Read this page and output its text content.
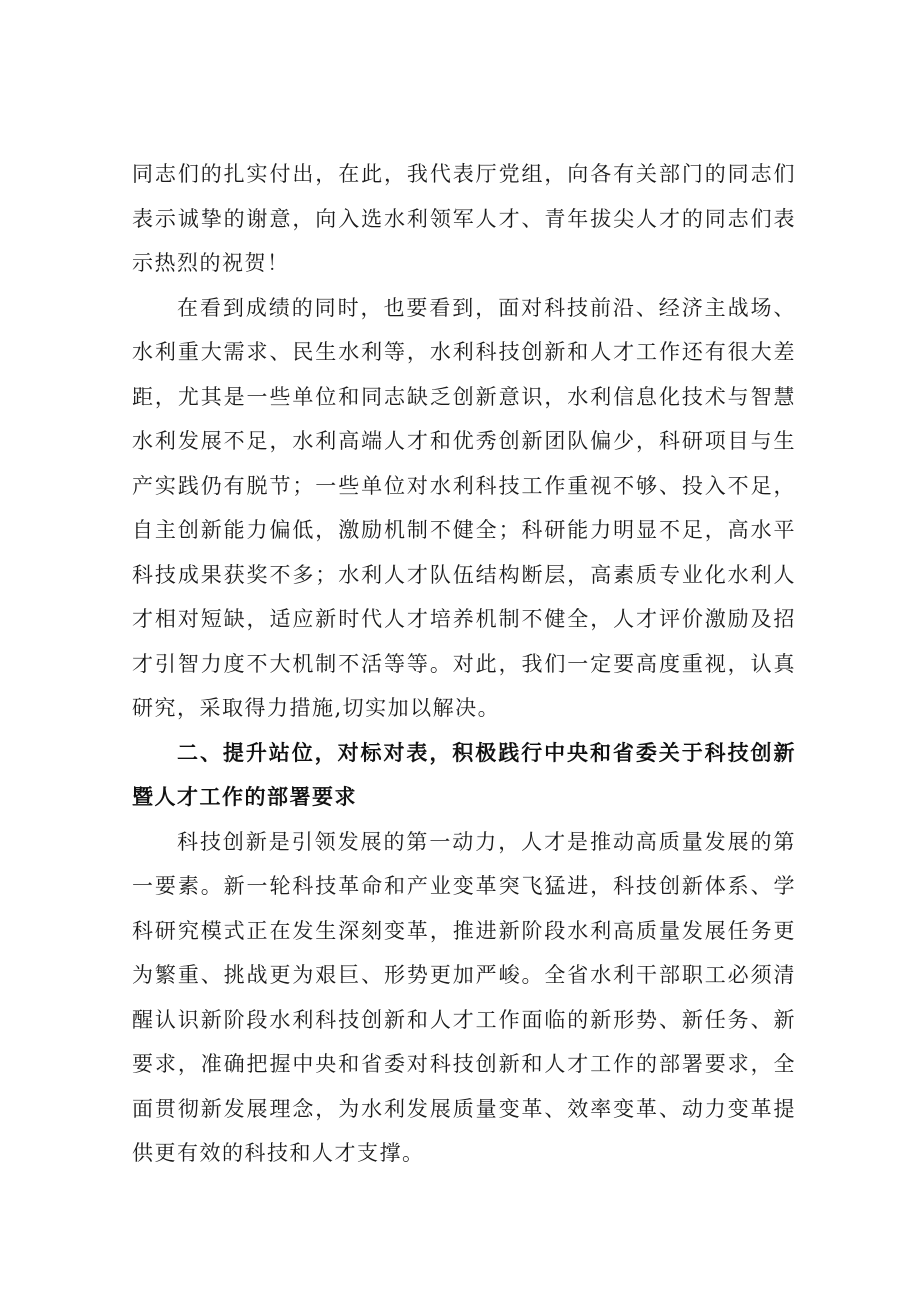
同志们的扎实付出，在此，我代表厅党组，向各有关部门的同志们表示诚挚的谢意，向入选水利领军人才、青年拔尖人才的同志们表示热烈的祝贺！

在看到成绩的同时，也要看到，面对科技前沿、经济主战场、水利重大需求、民生水利等，水利科技创新和人才工作还有很大差距，尤其是一些单位和同志缺乏创新意识，水利信息化技术与智慧水利发展不足，水利高端人才和优秀创新团队偏少，科研项目与生产实践仍有脱节；一些单位对水利科技工作重视不够、投入不足，自主创新能力偏低，激励机制不健全；科研能力明显不足，高水平科技成果获奖不多；水利人才队伍结构断层，高素质专业化水利人才相对短缺，适应新时代人才培养机制不健全，人才评价激励及招才引智力度不大机制不活等等。对此，我们一定要高度重视，认真研究，采取得力措施,切实加以解决。

二、提升站位，对标对表，积极践行中央和省委关于科技创新暨人才工作的部署要求

科技创新是引领发展的第一动力，人才是推动高质量发展的第一要素。新一轮科技革命和产业变革突飞猛进，科技创新体系、学科研究模式正在发生深刻变革，推进新阶段水利高质量发展任务更为繁重、挑战更为艰巨、形势更加严峻。全省水利干部职工必须清醒认识新阶段水利科技创新和人才工作面临的新形势、新任务、新要求，准确把握中央和省委对科技创新和人才工作的部署要求，全面贯彻新发展理念，为水利发展质量变革、效率变革、动力变革提供更有效的科技和人才支撑。
